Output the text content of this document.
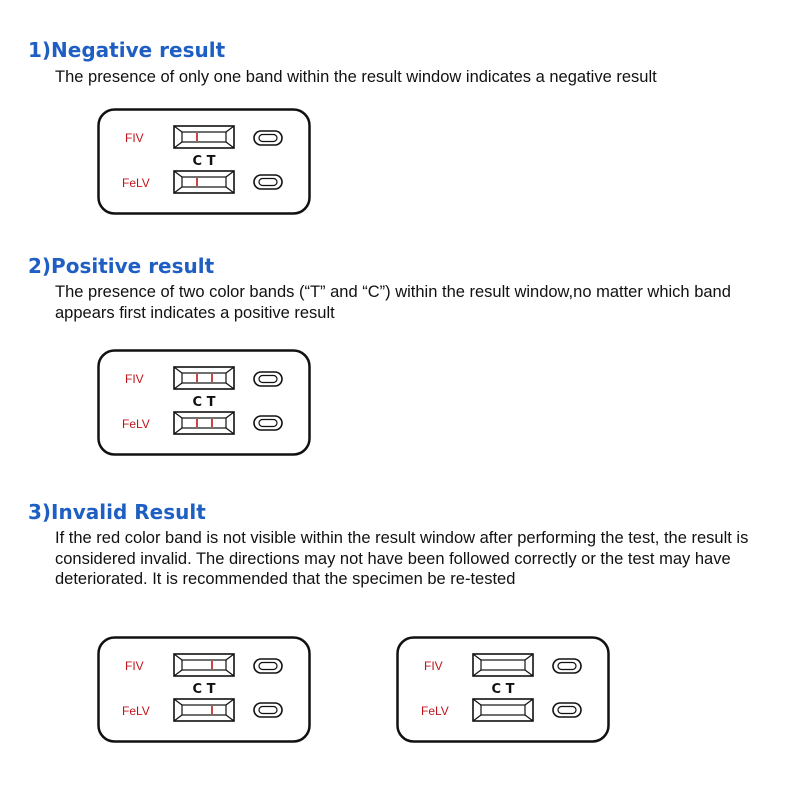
1)Negative result

The presence of only one band within the result window indicates a negative result

FIV
FeLV
C T
2)Positive result

The presence of two color bands (“T” and “C”) within the result window,no matter which band appears first indicates a positive result

FIV
FeLV
C T
3)Invalid Result

If the red color band is not visible within the result window after performing the test, the result is considered invalid. The directions may not have been followed correctly or the test may have deteriorated. It is recommended that the specimen be re-tested

FIV
FeLV
C T
FIV
FeLV
C T
